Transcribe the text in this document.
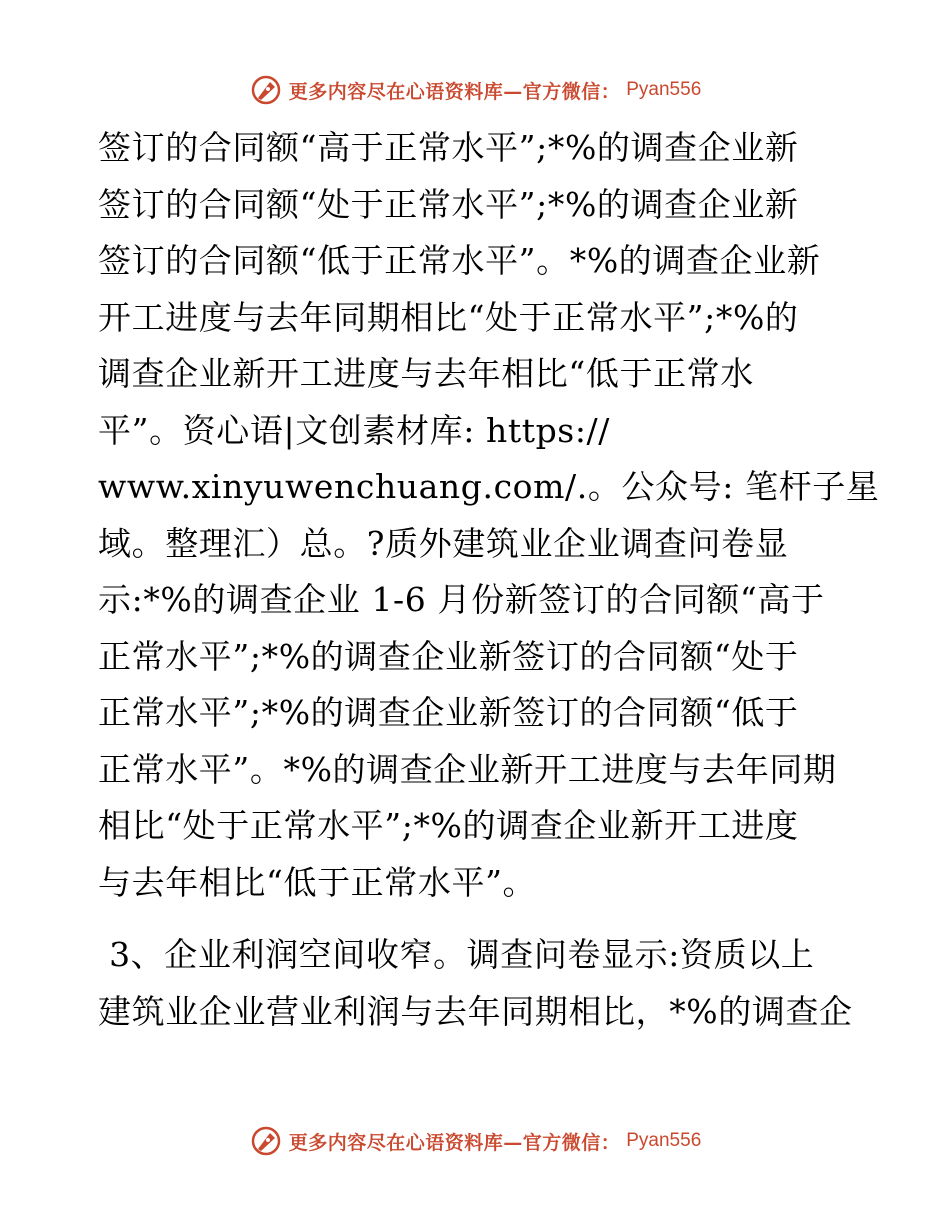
更多内容尽在心语资料库—官方微信： Pyan556
签订的合同额“高于正常水平”;*%的调查企业新
签订的合同额“处于正常水平”;*%的调查企业新
签订的合同额“低于正常水平”。*%的调查企业新
开工进度与去年同期相比“处于正常水平”;*%的
调查企业新开工进度与去年相比“低于正常水
平”。资心语|文创素材库: https://
www.xinyuwenchuang.com/.。公众号: 笔杆子星
域。整理汇）总。?质外建筑业企业调查问卷显
示:*%的调查企业 1-6 月份新签订的合同额“高于
正常水平”;*%的调查企业新签订的合同额“处于
正常水平”;*%的调查企业新签订的合同额“低于
正常水平”。*%的调查企业新开工进度与去年同期
相比“处于正常水平”;*%的调查企业新开工进度
与去年相比“低于正常水平”。
3、企业利润空间收窄。调查问卷显示:资质以上
建筑业企业营业利润与去年同期相比，*%的调查企
更多内容尽在心语资料库—官方微信： Pyan556
